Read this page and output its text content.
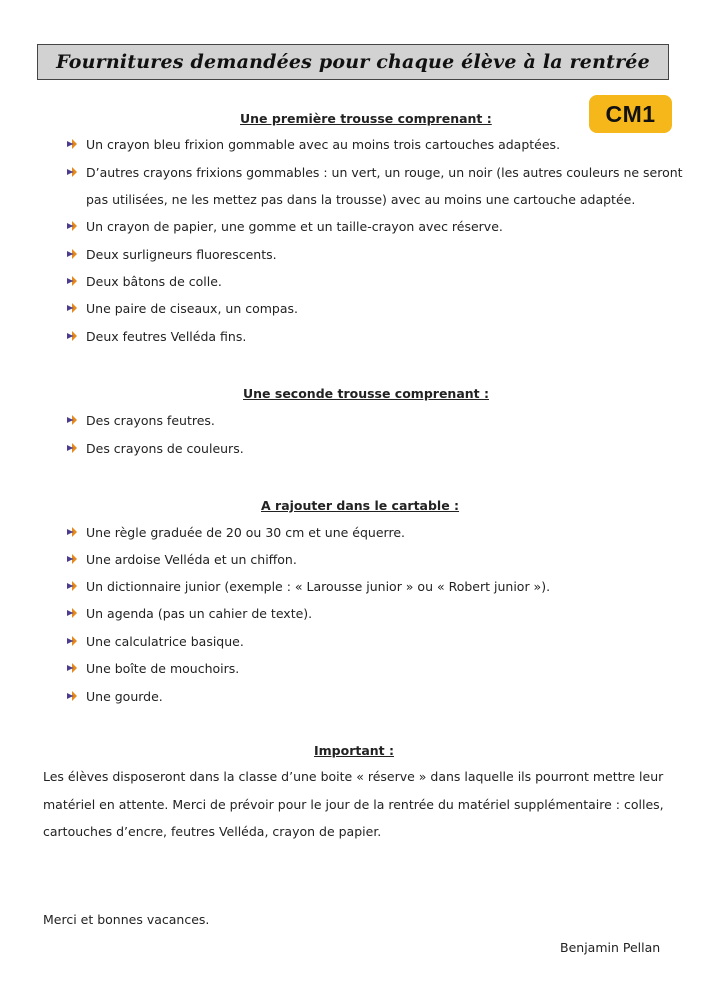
Fournitures demandées pour chaque élève à la rentrée
CM1
Une première trousse comprenant :
Un crayon bleu frixion gommable avec au moins trois cartouches adaptées.
D’autres crayons frixions gommables : un vert, un rouge, un noir (les autres couleurs ne seront
pas utilisées, ne les mettez pas dans la trousse) avec au moins une cartouche adaptée.
Un crayon de papier, une gomme et un taille-crayon avec réserve.
Deux surligneurs fluorescents.
Deux bâtons de colle.
Une paire de ciseaux, un compas.
Deux feutres Velléda fins.
Une seconde trousse comprenant :
Des crayons feutres.
Des crayons de couleurs.
A rajouter dans le cartable :
Une règle graduée de 20 ou 30 cm et une équerre.
Une ardoise Velléda et un chiffon.
Un dictionnaire junior (exemple : « Larousse junior » ou « Robert junior »).
Un agenda (pas un cahier de texte).
Une calculatrice basique.
Une boîte de mouchoirs.
Une gourde.
Important :
Les élèves disposeront dans la classe d’une boite « réserve » dans laquelle ils pourront mettre leur
matériel en attente. Merci de prévoir pour le jour de la rentrée du matériel supplémentaire : colles,
cartouches d’encre, feutres Velléda, crayon de papier.
Merci et bonnes vacances.
Benjamin Pellan
